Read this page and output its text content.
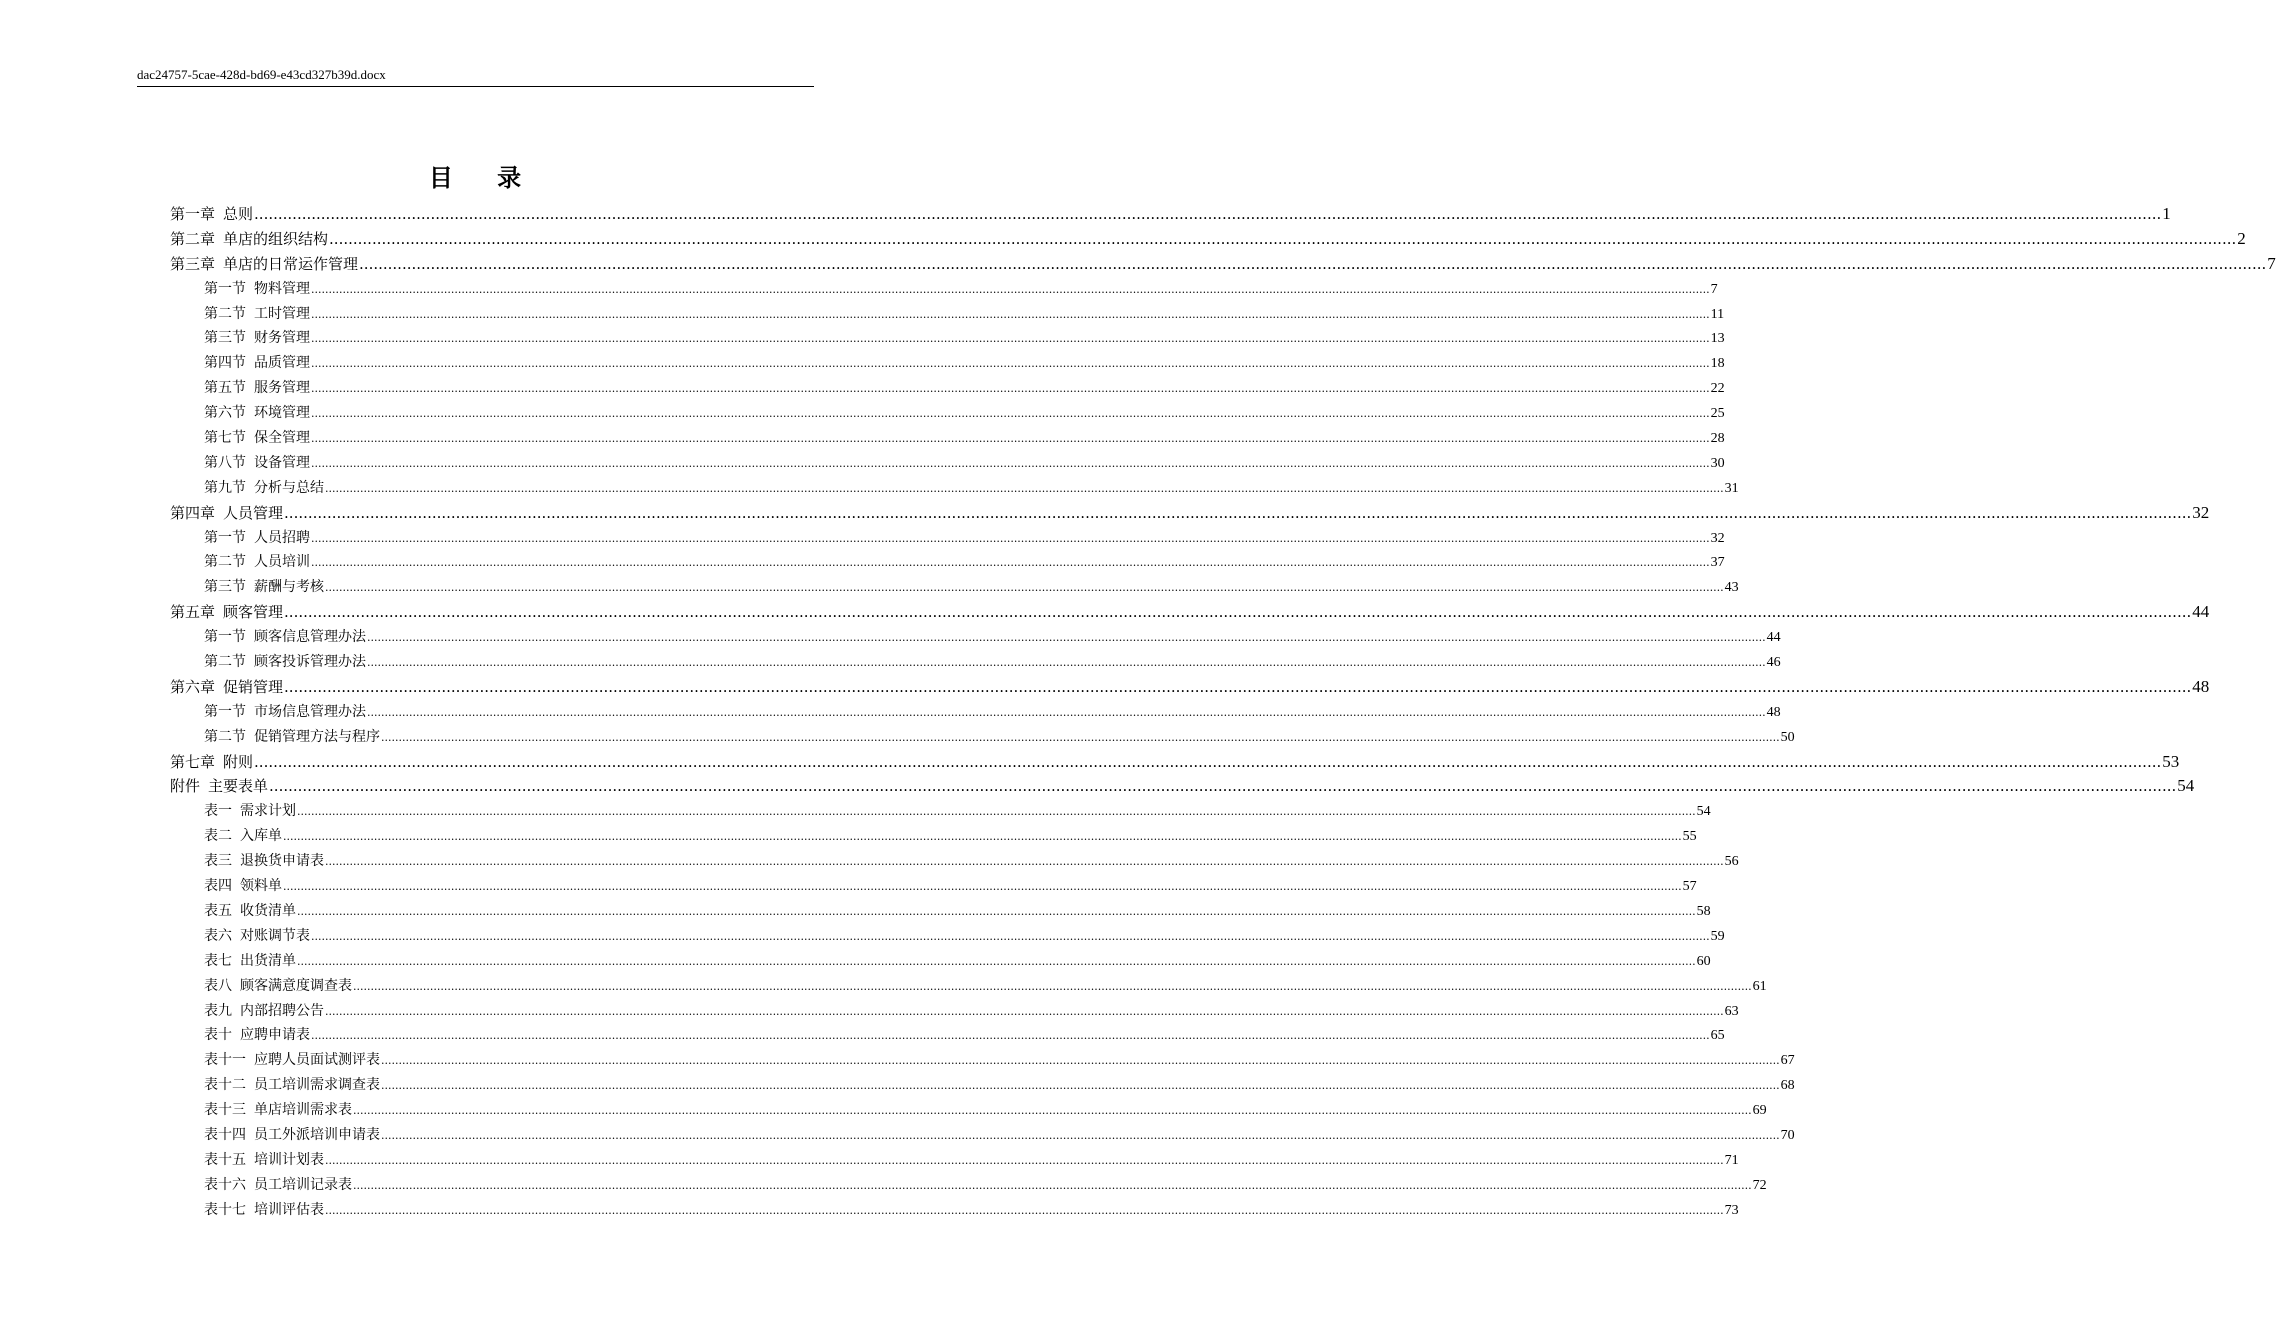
dac24757-5cae-428d-bd69-e43cd327b39d.docx
目 录
第一章 总则 ................................................................................................................................................................................................................................................................................................................................................................................................................ 1
第二章 单店的组织结构 ................................................................................................................................................................................................................................................................................................................................................................................................................ 2
第三章 单店的日常运作管理 ................................................................................................................................................................................................................................................................................................................................................................................................................ 7
第一节 物料管理 ................................................................................................................................................................................................................................................................................................................................................................................................................ 7
第二节 工时管理 ................................................................................................................................................................................................................................................................................................................................................................................................................ 11
第三节 财务管理 ................................................................................................................................................................................................................................................................................................................................................................................................................ 13
第四节 品质管理 ................................................................................................................................................................................................................................................................................................................................................................................................................ 18
第五节 服务管理 ................................................................................................................................................................................................................................................................................................................................................................................................................ 22
第六节 环境管理 ................................................................................................................................................................................................................................................................................................................................................................................................................ 25
第七节 保全管理 ................................................................................................................................................................................................................................................................................................................................................................................................................ 28
第八节 设备管理 ................................................................................................................................................................................................................................................................................................................................................................................................................ 30
第九节 分析与总结 ................................................................................................................................................................................................................................................................................................................................................................................................................ 31
第四章 人员管理 ................................................................................................................................................................................................................................................................................................................................................................................................................ 32
第一节 人员招聘 ................................................................................................................................................................................................................................................................................................................................................................................................................ 32
第二节 人员培训 ................................................................................................................................................................................................................................................................................................................................................................................................................ 37
第三节 薪酬与考核 ................................................................................................................................................................................................................................................................................................................................................................................................................ 43
第五章 顾客管理 ................................................................................................................................................................................................................................................................................................................................................................................................................ 44
第一节 顾客信息管理办法 ................................................................................................................................................................................................................................................................................................................................................................................................................ 44
第二节 顾客投诉管理办法 ................................................................................................................................................................................................................................................................................................................................................................................................................ 46
第六章 促销管理 ................................................................................................................................................................................................................................................................................................................................................................................................................ 48
第一节 市场信息管理办法 ................................................................................................................................................................................................................................................................................................................................................................................................................ 48
第二节 促销管理方法与程序 ................................................................................................................................................................................................................................................................................................................................................................................................................ 50
第七章 附则 ................................................................................................................................................................................................................................................................................................................................................................................................................ 53
附件 主要表单 ................................................................................................................................................................................................................................................................................................................................................................................................................ 54
表一 需求计划 ................................................................................................................................................................................................................................................................................................................................................................................................................ 54
表二 入库单 ................................................................................................................................................................................................................................................................................................................................................................................................................ 55
表三 退换货申请表 ................................................................................................................................................................................................................................................................................................................................................................................................................ 56
表四 领料单 ................................................................................................................................................................................................................................................................................................................................................................................................................ 57
表五 收货清单 ................................................................................................................................................................................................................................................................................................................................................................................................................ 58
表六 对账调节表 ................................................................................................................................................................................................................................................................................................................................................................................................................ 59
表七 出货清单 ................................................................................................................................................................................................................................................................................................................................................................................................................ 60
表八 顾客满意度调查表 ................................................................................................................................................................................................................................................................................................................................................................................................................ 61
表九 内部招聘公告 ................................................................................................................................................................................................................................................................................................................................................................................................................ 63
表十 应聘申请表 ................................................................................................................................................................................................................................................................................................................................................................................................................ 65
表十一 应聘人员面试测评表 ................................................................................................................................................................................................................................................................................................................................................................................................................ 67
表十二 员工培训需求调查表 ................................................................................................................................................................................................................................................................................................................................................................................................................ 68
表十三 单店培训需求表 ................................................................................................................................................................................................................................................................................................................................................................................................................ 69
表十四 员工外派培训申请表 ................................................................................................................................................................................................................................................................................................................................................................................................................ 70
表十五 培训计划表 ................................................................................................................................................................................................................................................................................................................................................................................................................ 71
表十六 员工培训记录表 ................................................................................................................................................................................................................................................................................................................................................................................................................ 72
表十七 培训评估表 ................................................................................................................................................................................................................................................................................................................................................................................................................ 73
